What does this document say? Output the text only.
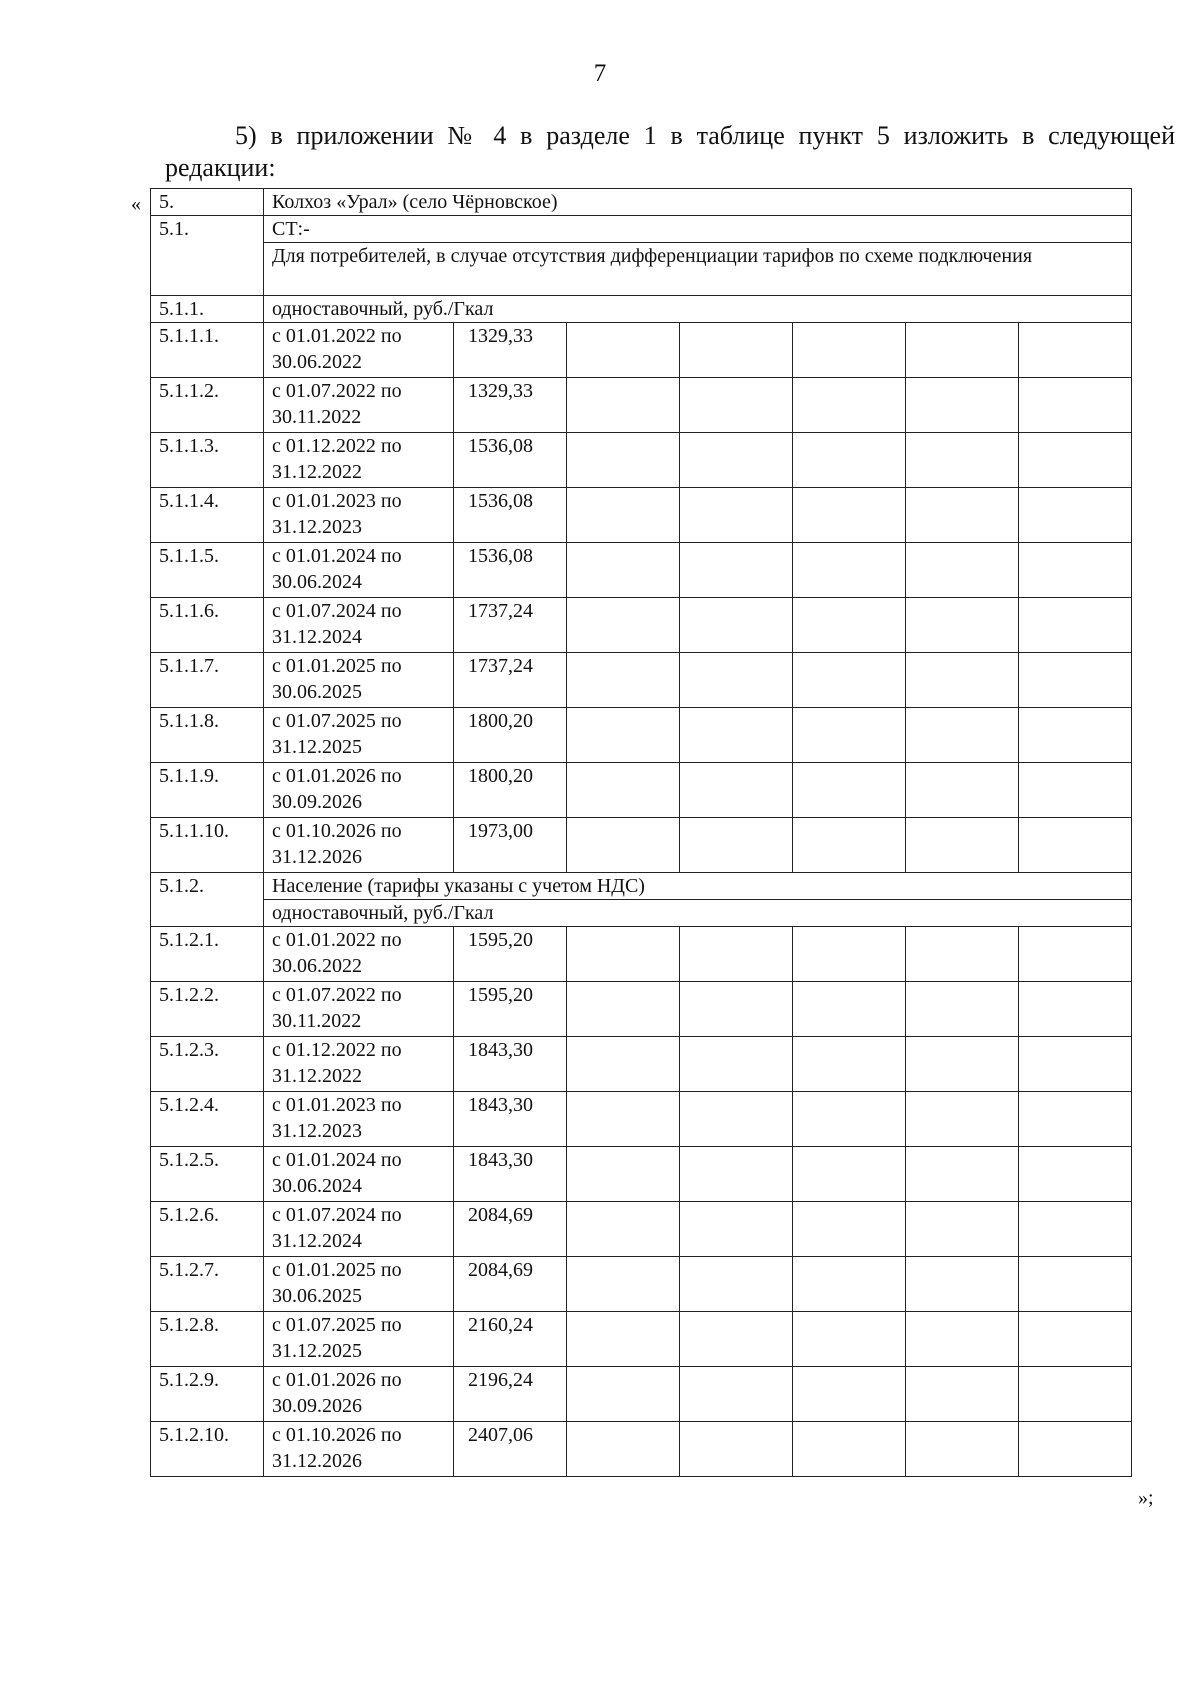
7
5) в приложении № 4 в разделе 1 в таблице пункт 5 изложить в следующей
редакции:
« 5.	Колхоз «Урал» (село Чёрновское)						
5.1.	СТ:-						
	Для потребителей, в случае отсутствия дифференциации тарифов по схеме подключения						
5.1.1.	одноставочный, руб./Гкал						
5.1.1.1.	с 01.01.2022 по 30.06.2022	1329,33					
5.1.1.2.	с 01.07.2022 по 30.11.2022	1329,33					
5.1.1.3.	с 01.12.2022 по 31.12.2022	1536,08					
5.1.1.4.	с 01.01.2023 по 31.12.2023	1536,08					
5.1.1.5.	с 01.01.2024 по 30.06.2024	1536,08					
5.1.1.6.	с 01.07.2024 по 31.12.2024	1737,24					
5.1.1.7.	с 01.01.2025 по 30.06.2025	1737,24					
5.1.1.8.	с 01.07.2025 по 31.12.2025	1800,20					
5.1.1.9.	с 01.01.2026 по 30.09.2026	1800,20					
5.1.1.10.	с 01.10.2026 по 31.12.2026	1973,00					
5.1.2.	Население (тарифы указаны с учетом НДС)						
	одноставочный, руб./Гкал						
5.1.2.1.	с 01.01.2022 по 30.06.2022	1595,20					
5.1.2.2.	с 01.07.2022 по 30.11.2022	1595,20					
5.1.2.3.	с 01.12.2022 по 31.12.2022	1843,30					
5.1.2.4.	с 01.01.2023 по 31.12.2023	1843,30					
5.1.2.5.	с 01.01.2024 по 30.06.2024	1843,30					
5.1.2.6.	с 01.07.2024 по 31.12.2024	2084,69					
5.1.2.7.	с 01.01.2025 по 30.06.2025	2084,69					
5.1.2.8.	с 01.07.2025 по 31.12.2025	2160,24					
5.1.2.9.	с 01.01.2026 по 30.09.2026	2196,24					
5.1.2.10.	с 01.10.2026 по 31.12.2026	2407,06					
»;
